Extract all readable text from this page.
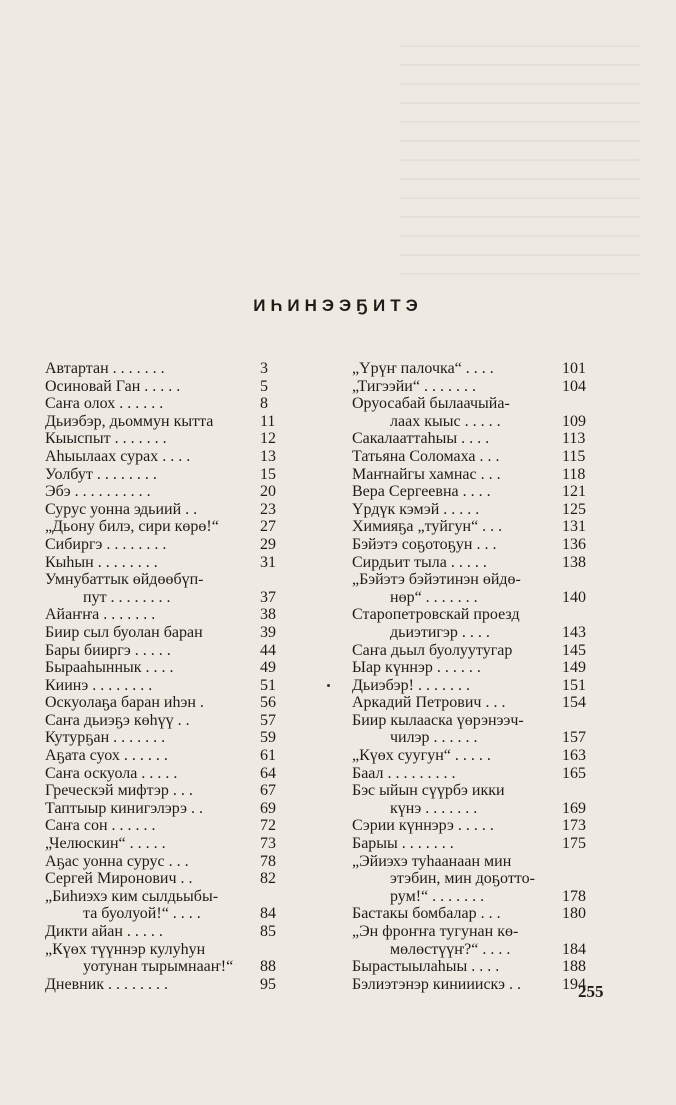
ИҺИНЭЭҔИТЭ
Автартан . . . . . . .	3
Осиновай Ган . . . . .	5
Саҥа олох . . . . . .	8
Дьиэбэр, дьоммун кытта	11
Кыыспыт . . . . . . .	12
Аһыылаах сурах . . . .	13
Уолбут . . . . . . . .	15
Эбэ . . . . . . . . . .	20
Сурус уонна эдьиий . .	23
„Дьону билэ, сири көрө!“	27
Сибиргэ . . . . . . . .	29
Кыһын . . . . . . . .	31
Умнубаттык өйдөөбүп-
пут . . . . . . . .	37
Айаҥҥа . . . . . . .	38
Биир сыл буолан баран	39
Бары бииргэ . . . . .	44
Бырааһыннык . . . .	49
Киинэ . . . . . . . .	51
Оскуолаҕа баран иһэн .	56
Саҥа дьиэҕэ көһүү . .	57
Кутурҕан . . . . . . .	59
Аҕата суох . . . . . .	61
Саҥа оскуола . . . . .	64
Греческэй мифтэр . . .	67
Таптыыр кинигэлэрэ . .	69
Саҥа сон . . . . . .	72
„Челюскин“ . . . . .	73
Аҕас уонна сурус . . .	78
Сергей Миронович . .	82
„Биһиэхэ ким сылдьыбы-
та буолуой!“ . . . .	84
Дикти айан . . . . .	85
„Күөх түүннэр кулуһун
уотунан тырымнааҥ!“ 88
Дневник . . . . . . . .	95
„Үрүҥ палочка“ . . . .	101
„Тигээйи“ . . . . . . .	104
Оруосабай былаачыйа-
лаах кыыс . . . . .	109
Сакалааттаһыы . . . .	113
Татьяна Соломаха . . .	115
Маҥнайгы хамнас . . .	118
Вера Сергеевна . . . .	121
Үрдүк кэмэй . . . . .	125
Химияҕа „туйгун“ . . .	131
Бэйэтэ соҕотоҕун . . .	136
Сирдьит тыла . . . . .	138
„Бэйэтэ бэйэтинэн өйдө-
нөр“ . . . . . . .	140
Старопетровскай проезд
дьиэтигэр . . . .	143
Саҥа дьыл буолуутугар	145
Ыар күннэр . . . . . .	149
Дьиэбэр! . . . . . . .	151
Аркадий Петрович . . .	154
Биир кылааска үөрэнээч-
чилэр . . . . . .	157
„Күөх суугун“ . . . . .	163
Баал . . . . . . . . .	165
Бэс ыйын сүүрбэ икки
күнэ . . . . . . .	169
Сэрии күннэрэ . . . . .	173
Барыы . . . . . . .	175
„Эйиэхэ туһаанаан мин
этэбин, мин доҕотто-
рум!“ . . . . . . .	178
Бастакы бомбалар . . .	180
„Эн фроҥҥа тугунан кө-
мөлөстүүҥ?“ . . . .	184
Бырастыылаһыы . . . .	188
Бэлиэтэнэр кинииискэ . .	194
255
